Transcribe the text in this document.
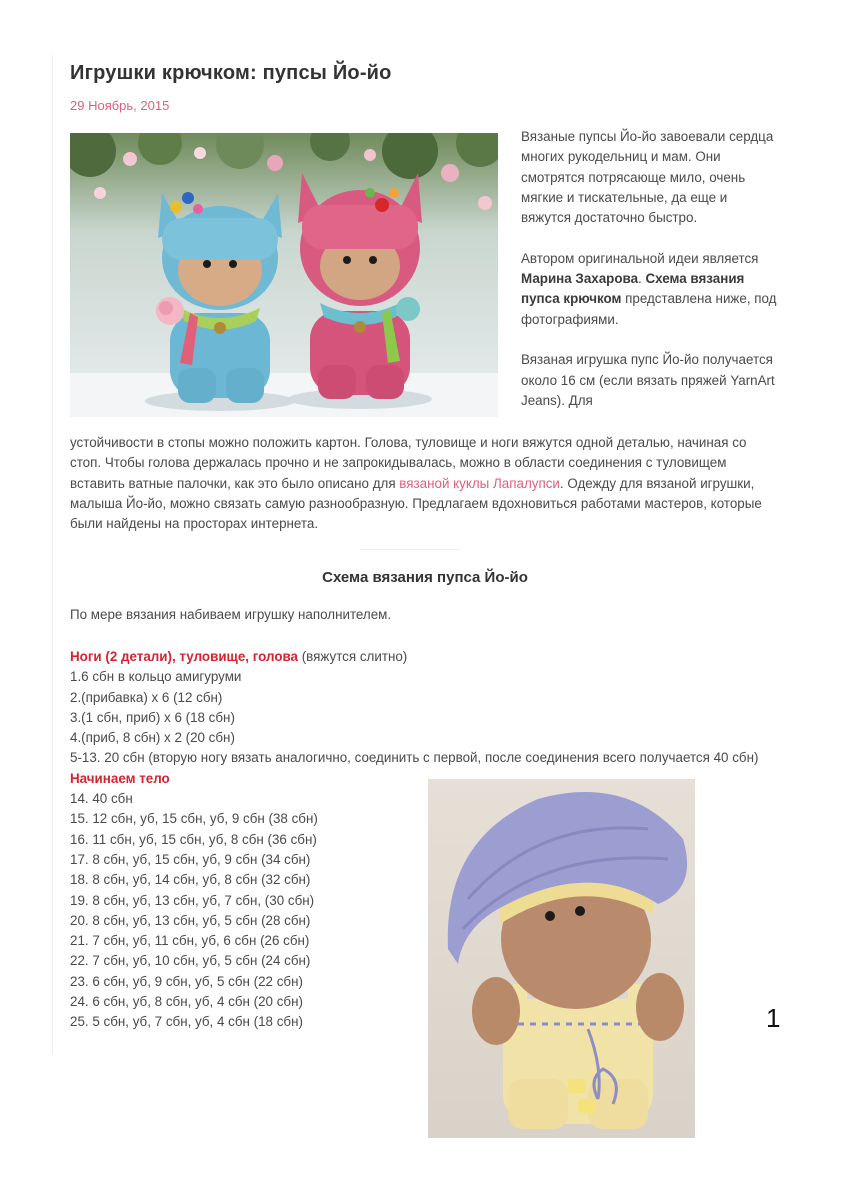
Игрушки крючком: пупсы Йо-йо
29 Ноябрь, 2015

Вязаные пупсы Йо-йо завоевали сердца многих рукодельниц и мам. Они смотрятся потрясающе мило, очень мягкие и тискательные, да еще и вяжутся достаточно быстро.

Автором оригинальной идеи является Марина Захарова. Схема вязания пупса крючком представлена ниже, под фотографиями.

Вязаная игрушка пупс Йо-йо получается около 16 см (если вязать пряжей YarnArt Jeans). Для

устойчивости в стопы можно положить картон. Голова, туловище и ноги вяжутся одной деталью, начиная со стоп. Чтобы голова держалась прочно и не запрокидывалась, можно в области соединения с туловищем вставить ватные палочки, как это было описано для вязаной куклы Лапалупси. Одежду для вязаной игрушки, малыша Йо-йо, можно связать самую разнообразную. Предлагаем вдохновиться работами мастеров, которые были найдены на просторах интернета.

Схема вязания пупса Йо-йо
По мере вязания набиваем игрушку наполнителем.
Ноги (2 детали), туловище, голова (вяжутся слитно)
1.6 сбн в кольцо амигуруми
2.(прибавка) х 6 (12 сбн)
3.(1 сбн, приб) х 6 (18 сбн)
4.(приб, 8 сбн) х 2 (20 сбн)
5-13. 20 сбн (вторую ногу вязать аналогично, соединить с первой, после соединения всего получается 40 сбн)
Начинаем тело
14. 40 сбн
15. 12 сбн, уб, 15 сбн, уб, 9 сбн (38 сбн)
16. 11 сбн, уб, 15 сбн, уб, 8 сбн (36 сбн)
17. 8 сбн, уб, 15 сбн, уб, 9 сбн (34 сбн)
18. 8 сбн, уб, 14 сбн, уб, 8 сбн (32 сбн)
19. 8 сбн, уб, 13 сбн, уб, 7 сбн, (30 сбн)
20. 8 сбн, уб, 13 сбн, уб, 5 сбн (28 сбн)
21. 7 сбн, уб, 11 сбн, уб, 6 сбн (26 сбн)
22. 7 сбн, уб, 10 сбн, уб, 5 сбн (24 сбн)
23. 6 сбн, уб, 9 сбн, уб, 5 сбн (22 сбн)
24. 6 сбн, уб, 8 сбн, уб, 4 сбн (20 сбн)
25. 5 сбн, уб, 7 сбн, уб, 4 сбн (18 сбн)	1
